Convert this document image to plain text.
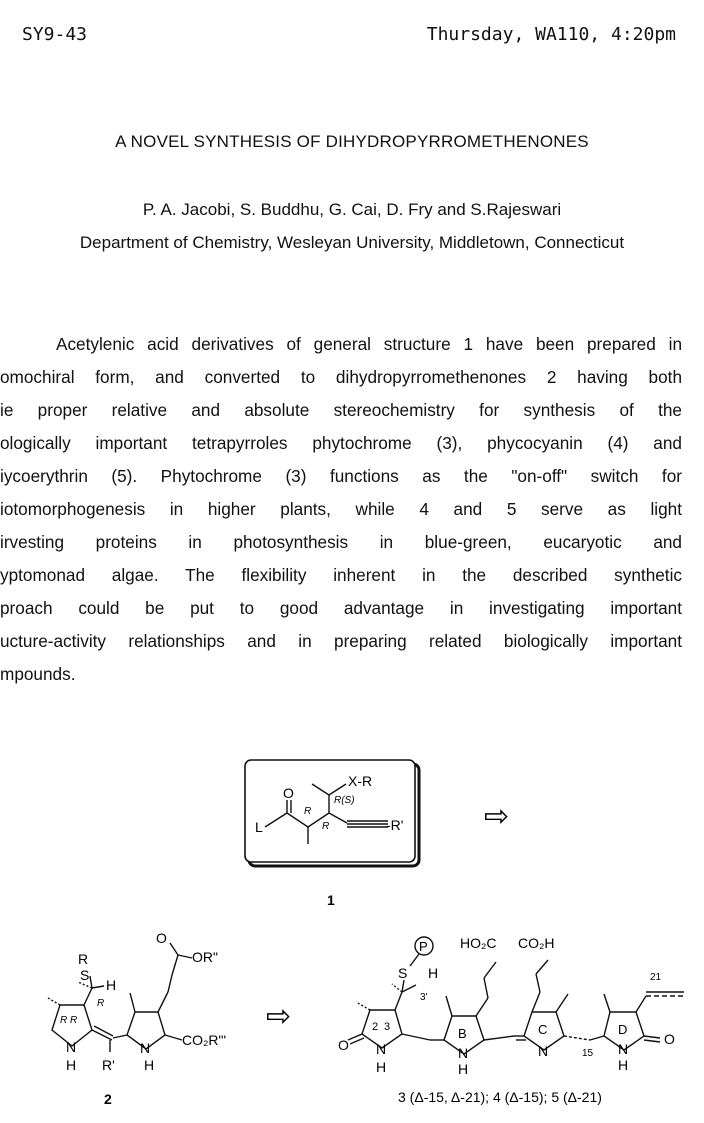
SY9-43	Thursday, WA110, 4:20pm
A NOVEL SYNTHESIS OF DIHYDROPYRROMETHENONES
P. A. Jacobi, S. Buddhu, G. Cai, D. Fry and S.Rajeswari
Department of Chemistry, Wesleyan University, Middletown, Connecticut
Acetylenic acid derivatives of general structure 1 have been prepared in
omochiral form, and converted to dihydropyrromethenones 2 having both
ie proper relative and absolute stereochemistry for synthesis of the
ologically important tetrapyrroles phytochrome (3), phycocyanin (4) and
iycoerythrin (5). Phytochrome (3) functions as the "on-off" switch for
iotomorphogenesis in higher plants, while 4 and 5 serve as light
irvesting proteins in photosynthesis in blue-green, eucaryotic and
yptomonad algae. The flexibility inherent in the described synthetic
proach could be put to good advantage in investigating important
ucture-activity relationships and in preparing related biologically important
mpounds.
O
L
X-R
-R'
R(S)
R
R
1
⇨
R
S
H
R
R R
N
H R'
N
H
O
OR"
CO₂R"'
2
⇨
P
S H
3'
HO₂C CO₂H
2 3
O N
H
B
N
H
C
N	15
D
N
H
O
21
3 (Δ-15, Δ-21); 4 (Δ-15); 5 (Δ-21)
